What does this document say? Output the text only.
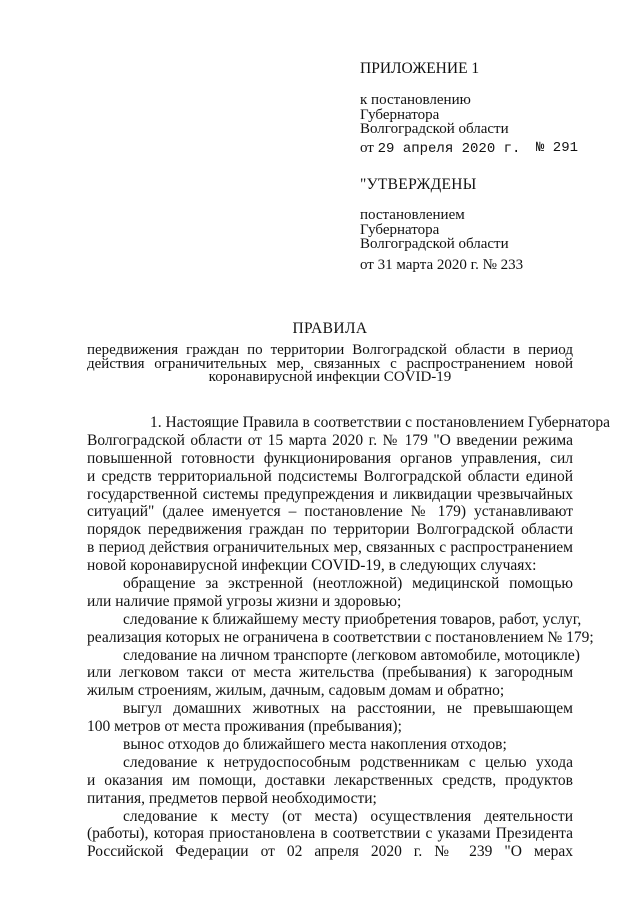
ПРИЛОЖЕНИЕ 1
к постановлению
Губернатора
Волгоградской области
от 29 апреля 2020 г. № 291
"УТВЕРЖДЕНЫ
постановлением
Губернатора
Волгоградской области
от 31 марта 2020 г. № 233
ПРАВИЛА
передвижения граждан по территории Волгоградской области в период
действия ограничительных мер, связанных с распространением новой
коронавирусной инфекции COVID-19
1. Настоящие Правила в соответствии с постановлением Губернатора
Волгоградской области от 15 марта 2020 г. № 179 "О введении режима
повышенной готовности функционирования органов управления, сил
и средств территориальной подсистемы Волгоградской области единой
государственной системы предупреждения и ликвидации чрезвычайных
ситуаций" (далее именуется – постановление № 179) устанавливают
порядок передвижения граждан по территории Волгоградской области
в период действия ограничительных мер, связанных с распространением
новой коронавирусной инфекции COVID-19, в следующих случаях:
обращение за экстренной (неотложной) медицинской помощью
или наличие прямой угрозы жизни и здоровью;
следование к ближайшему месту приобретения товаров, работ, услуг,
реализация которых не ограничена в соответствии с постановлением № 179;
следование на личном транспорте (легковом автомобиле, мотоцикле)
или легковом такси от места жительства (пребывания) к загородным
жилым строениям, жилым, дачным, садовым домам и обратно;
выгул домашних животных на расстоянии, не превышающем
100 метров от места проживания (пребывания);
вынос отходов до ближайшего места накопления отходов;
следование к нетрудоспособным родственникам с целью ухода
и оказания им помощи, доставки лекарственных средств, продуктов
питания, предметов первой необходимости;
следование к месту (от места) осуществления деятельности
(работы), которая приостановлена в соответствии с указами Президента
Российской Федерации от 02 апреля 2020 г. № 239 "О мерах
